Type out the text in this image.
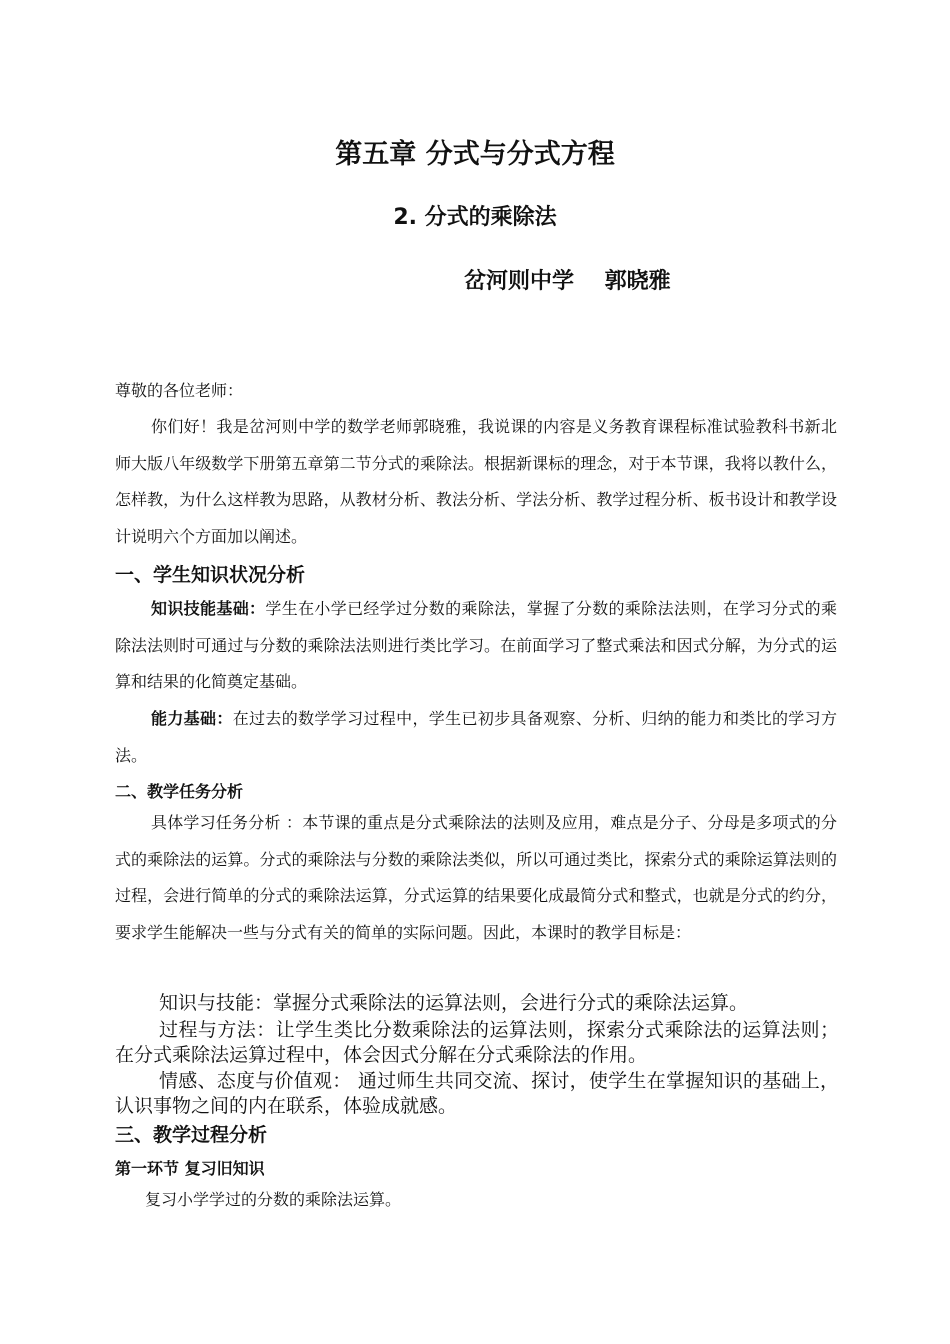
第五章 分式与分式方程
2. 分式的乘除法
岔河则中学    郭晓雅
尊敬的各位老师：
你们好！我是岔河则中学的数学老师郭晓雅，我说课的内容是义务教育课程标准试验教科书新北师大版八年级数学下册第五章第二节分式的乘除法。根据新课标的理念，对于本节课，我将以教什么，怎样教，为什么这样教为思路，从教材分析、教法分析、学法分析、教学过程分析、板书设计和教学设计说明六个方面加以阐述。
一、学生知识状况分析
知识技能基础：学生在小学已经学过分数的乘除法，掌握了分数的乘除法法则，在学习分式的乘除法法则时可通过与分数的乘除法法则进行类比学习。在前面学习了整式乘法和因式分解，为分式的运算和结果的化简奠定基础。
能力基础：在过去的数学学习过程中，学生已初步具备观察、分析、归纳的能力和类比的学习方法。
二、教学任务分析
具体学习任务分析 ：本节课的重点是分式乘除法的法则及应用，难点是分子、分母是多项式的分式的乘除法的运算。分式的乘除法与分数的乘除法类似，所以可通过类比，探索分式的乘除运算法则的过程，会进行简单的分式的乘除法运算，分式运算的结果要化成最简分式和整式，也就是分式的约分，要求学生能解决一些与分式有关的简单的实际问题。因此，本课时的教学目标是：
知识与技能：掌握分式乘除法的运算法则，会进行分式的乘除法运算。
过程与方法：让学生类比分数乘除法的运算法则，探索分式乘除法的运算法则；在分式乘除法运算过程中，体会因式分解在分式乘除法的作用。
情感、态度与价值观： 通过师生共同交流、探讨，使学生在掌握知识的基础上，认识事物之间的内在联系，体验成就感。
三、教学过程分析
第一环节 复习旧知识
复习小学学过的分数的乘除法运算。
